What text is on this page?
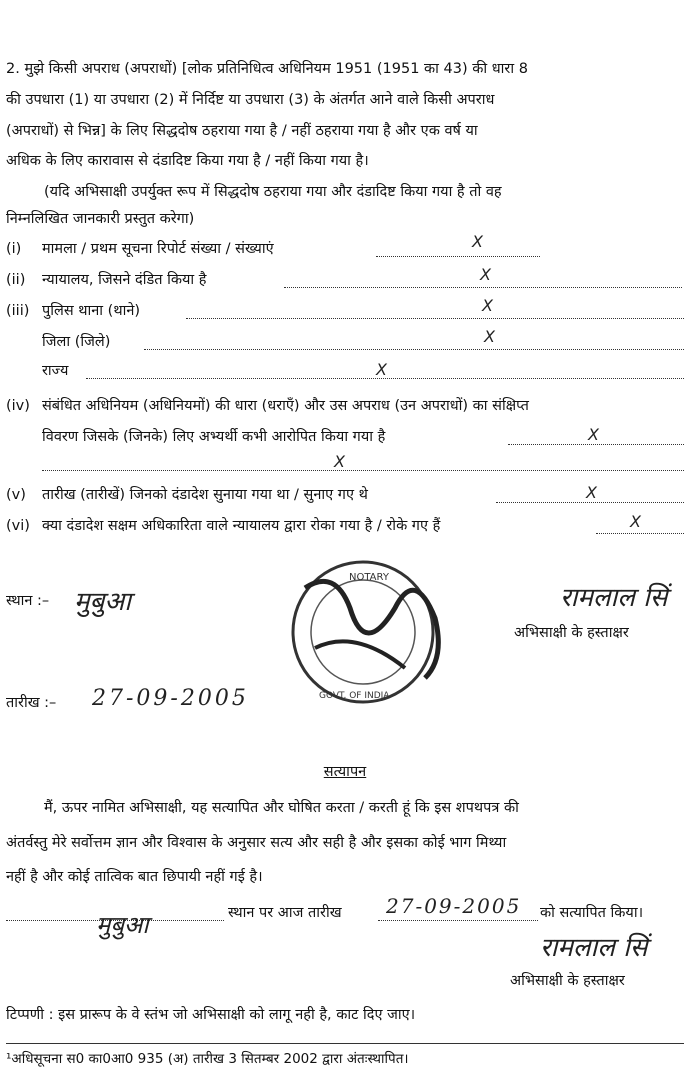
2. मुझे किसी अपराध (अपराधों) [लोक प्रतिनिधित्व अधिनियम 1951 (1951 का 43) की धारा 8
की उपधारा (1) या उपधारा (2) में निर्दिष्ट या उपधारा (3) के अंतर्गत आने वाले किसी अपराध
(अपराधों) से भिन्न] के लिए सिद्धदोष ठहराया गया है / नहीं ठहराया गया है और एक वर्ष या
अधिक के लिए कारावास से दंडादिष्ट किया गया है / नहीं किया गया है।
(यदि अभिसाक्षी उपर्युक्त रूप में सिद्धदोष ठहराया गया और दंडादिष्ट किया गया है तो वह
निम्नलिखित जानकारी प्रस्तुत करेगा)
(i) मामला / प्रथम सूचना रिपोर्ट संख्या / संख्याएं	X
(ii) न्यायालय, जिसने दंडित किया है	X
(iii) पुलिस थाना (थाने)	X
जिला (जिले)	X
राज्य	X
(iv) संबंधित अधिनियम (अधिनियमों) की धारा (धराएँ) और उस अपराध (उन अपराधों) का संक्षिप्त
विवरण जिसके (जिनके) लिए अभ्यर्थी कभी आरोपित किया गया है	X
X
(v) तारीख (तारीखें) जिनको दंडादेश सुनाया गया था / सुनाए गए थे	X
(vi) क्या दंडादेश सक्षम अधिकारिता वाले न्यायालय द्वारा रोका गया है / रोके गए हैं	X
स्थान :– मुबुआ
NOTARY
GOVT. OF INDIA
रामलाल सिं
अभिसाक्षी के हस्ताक्षर
तारीख :– 27-09-2005
सत्यापन
मैं, ऊपर नामित अभिसाक्षी, यह सत्यापित और घोषित करता / करती हूं कि इस शपथपत्र की
अंतर्वस्तु मेरे सर्वोत्तम ज्ञान और विश्वास के अनुसार सत्य और सही है और इसका कोई भाग मिथ्या
नहीं है और कोई तात्विक बात छिपायी नहीं गई है।
मुबुआ	स्थान पर आज तारीख 27-09-2005 को सत्यापित किया।
रामलाल सिं
अभिसाक्षी के हस्ताक्षर
टिप्पणी : इस प्रारूप के वे स्तंभ जो अभिसाक्षी को लागू नही है, काट दिए जाए।
¹अधिसूचना स0 का0आ0 935 (अ) तारीख 3 सितम्बर 2002 द्वारा अंतःस्थापित।
